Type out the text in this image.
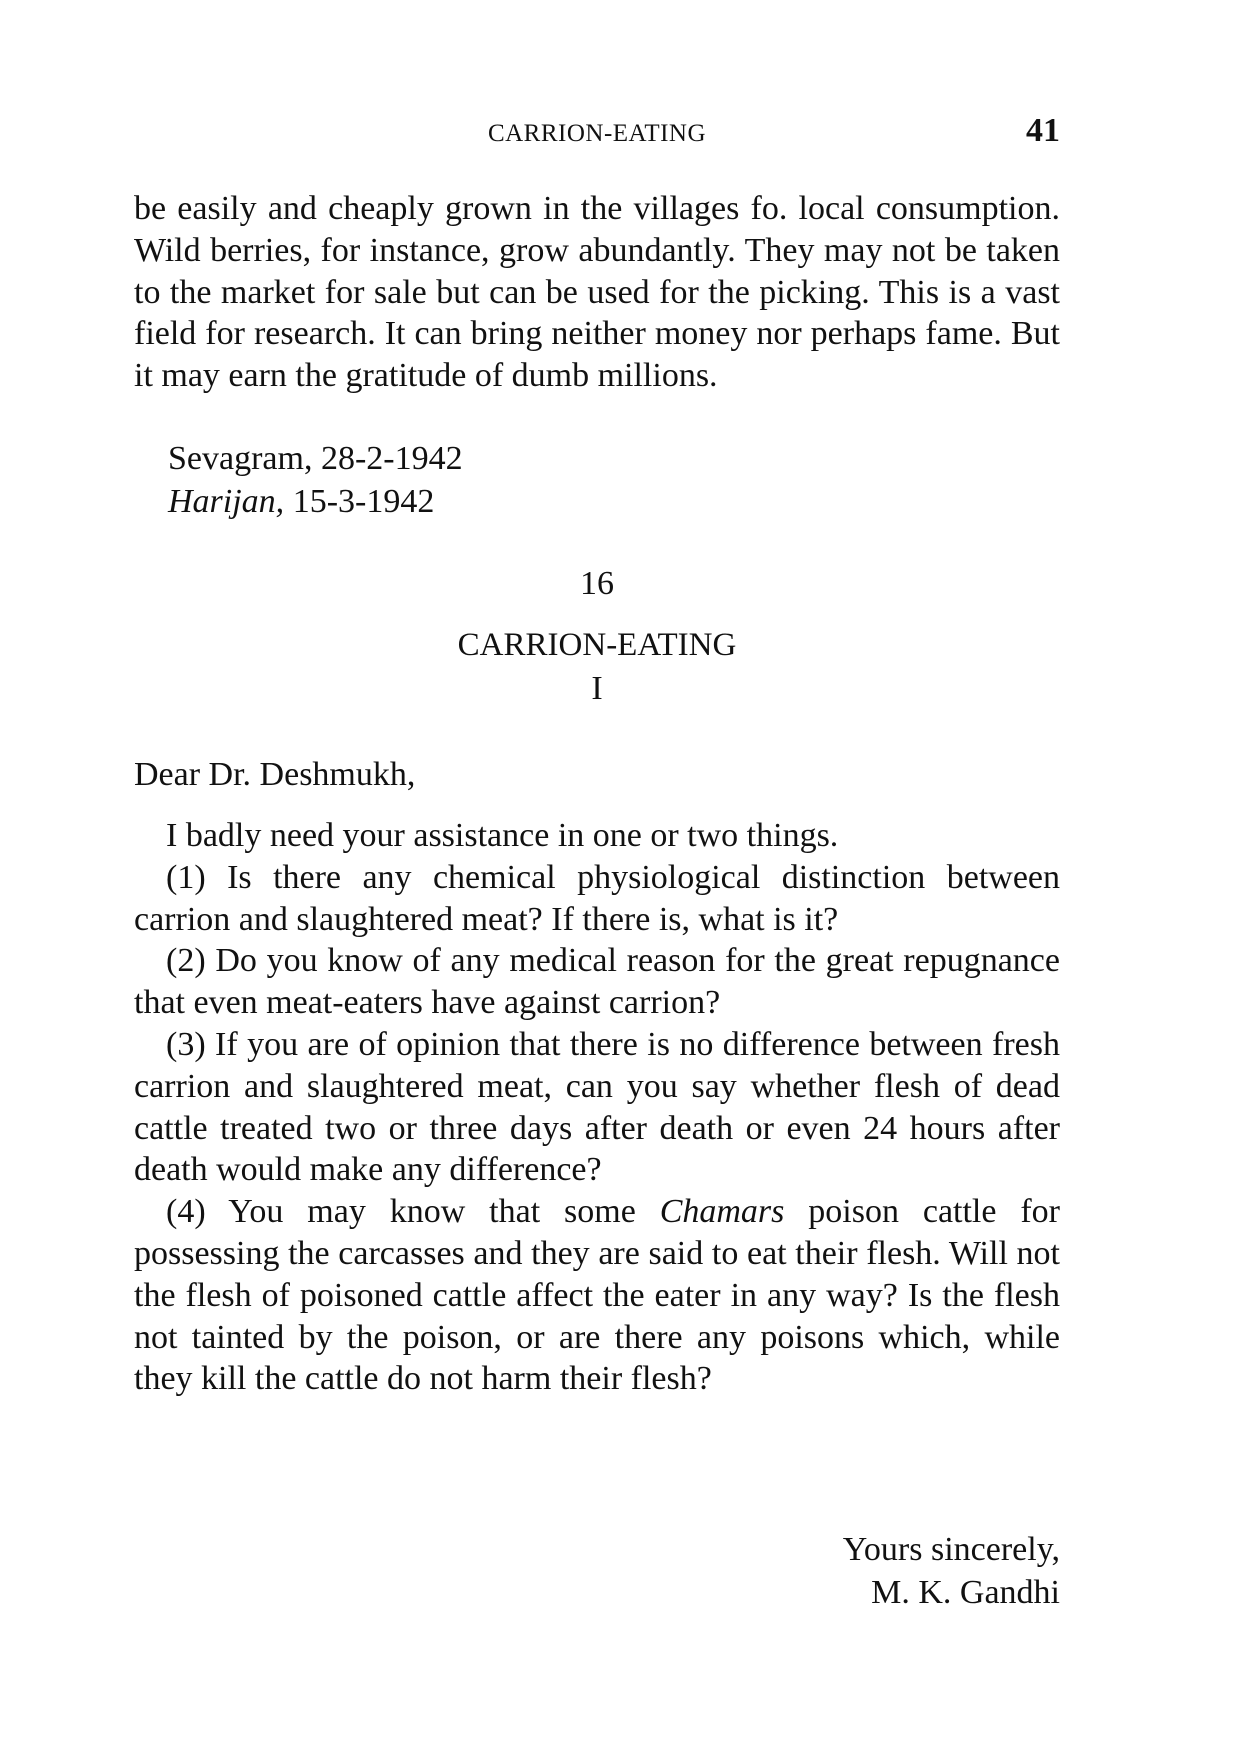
CARRION-EATING	41

be easily and cheaply grown in the villages fo. local consumption. Wild berries, for instance, grow abundantly. They may not be taken to the market for sale but can be used for the picking. This is a vast field for research. It can bring neither money nor perhaps fame. But it may earn the gratitude of dumb millions.

Sevagram, 28-2-1942
Harijan, 15-3-1942
16
CARRION-EATING
I
Dear Dr. Deshmukh,

I badly need your assistance in one or two things.

(1) Is there any chemical physiological distinction between carrion and slaughtered meat? If there is, what is it?

(2) Do you know of any medical reason for the great repugnance that even meat-eaters have against carrion?

(3) If you are of opinion that there is no difference between fresh carrion and slaughtered meat, can you say whether flesh of dead cattle treated two or three days after death or even 24 hours after death would make any difference?

(4) You may know that some Chamars poison cattle for possessing the carcasses and they are said to eat their flesh. Will not the flesh of poisoned cattle affect the eater in any way? Is the flesh not tainted by the poison, or are there any poisons which, while they kill the cattle do not harm their flesh?

Yours sincerely,
M. K. Gandhi
